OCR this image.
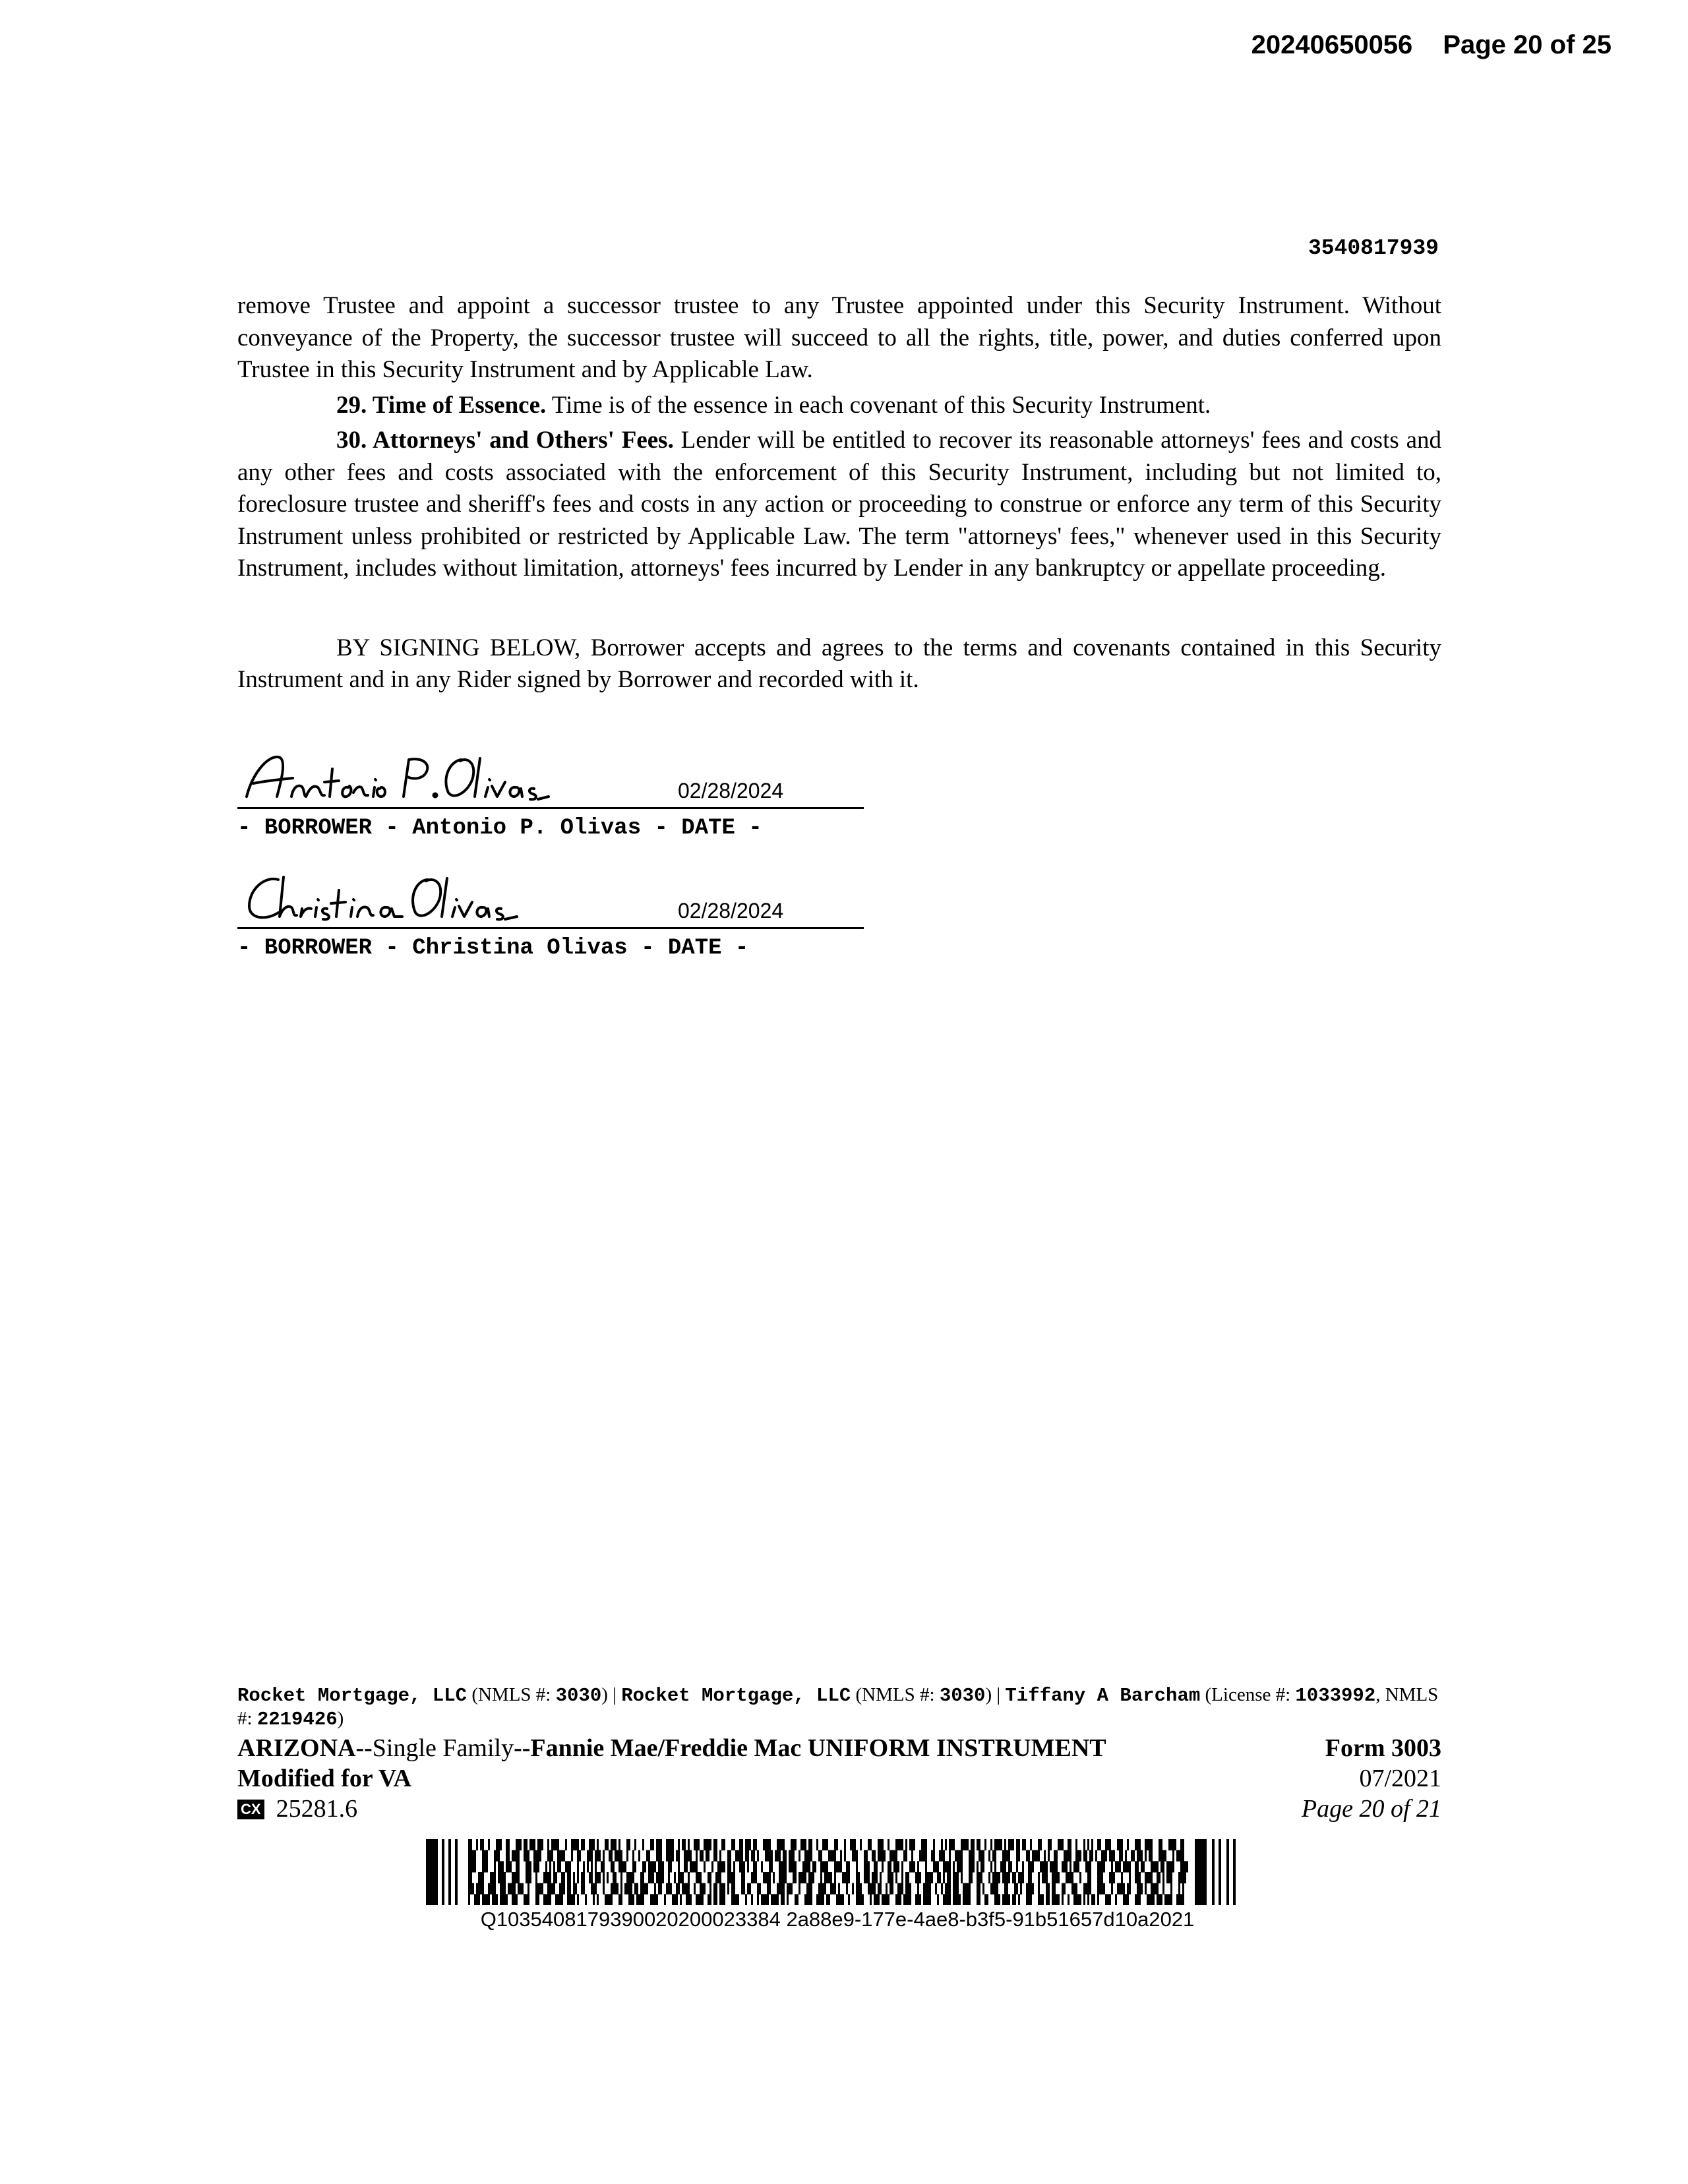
20240650056 Page 20 of 25
3540817939

remove Trustee and appoint a successor trustee to any Trustee appointed under this Security Instrument. Without conveyance of the Property, the successor trustee will succeed to all the rights, title, power, and duties conferred upon Trustee in this Security Instrument and by Applicable Law.

29. Time of Essence. Time is of the essence in each covenant of this Security Instrument.

30. Attorneys' and Others' Fees. Lender will be entitled to recover its reasonable attorneys' fees and costs and any other fees and costs associated with the enforcement of this Security Instrument, including but not limited to, foreclosure trustee and sheriff's fees and costs in any action or proceeding to construe or enforce any term of this Security Instrument unless prohibited or restricted by Applicable Law. The term "attorneys' fees," whenever used in this Security Instrument, includes without limitation, attorneys' fees incurred by Lender in any bankruptcy or appellate proceeding.

BY SIGNING BELOW, Borrower accepts and agrees to the terms and covenants contained in this Security Instrument and in any Rider signed by Borrower and recorded with it.

02/28/2024
- BORROWER - Antonio P. Olivas - DATE -
02/28/2024
- BORROWER - Christina Olivas - DATE -
Rocket Mortgage, LLC (NMLS #: 3030) | Rocket Mortgage, LLC (NMLS #: 3030) | Tiffany A Barcham (License #: 1033992, NMLS #: 2219426)
ARIZONA--Single Family--Fannie Mae/Freddie Mac UNIFORM INSTRUMENT
Modified for VA
CX 25281.6
Form 3003
07/2021
Page 20 of 21
Q1035408179390020200023384 2a88e9-177e-4ae8-b3f5-91b51657d10a2021
